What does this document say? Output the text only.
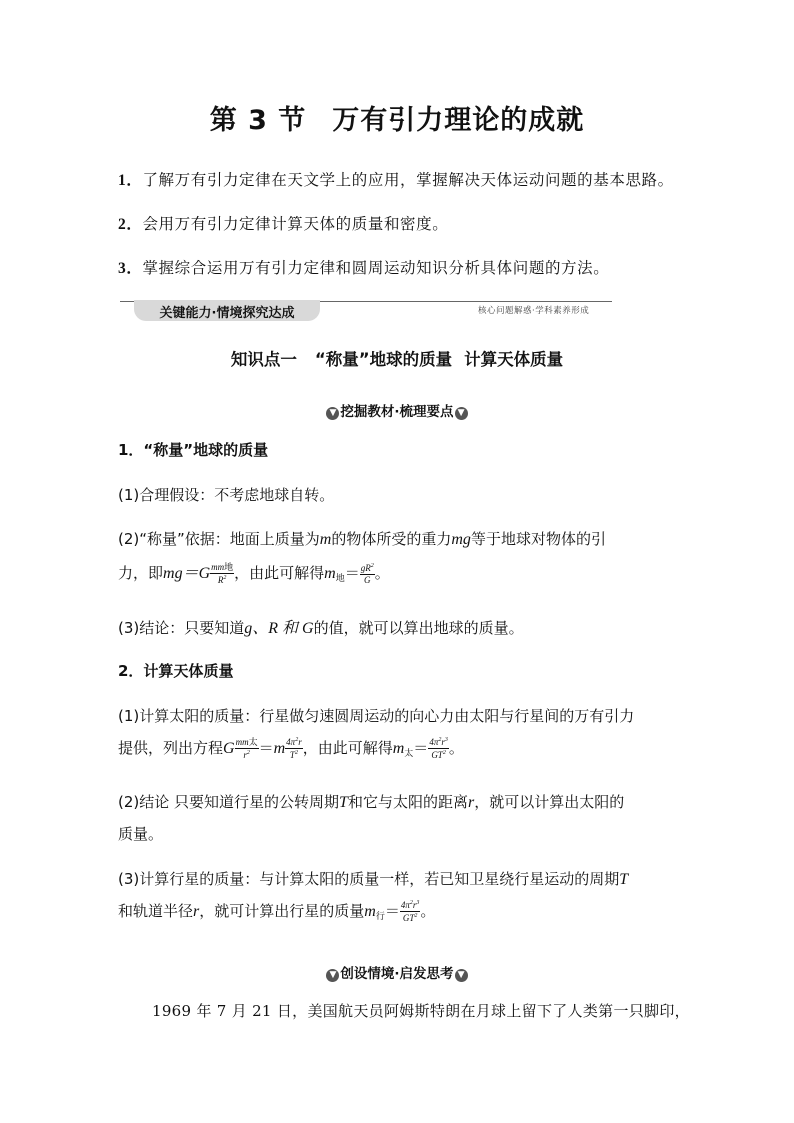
第 3 节 万有引力理论的成就
1．了解万有引力定律在天文学上的应用，掌握解决天体运动问题的基本思路。
2．会用万有引力定律计算天体的质量和密度。
3．掌握综合运用万有引力定律和圆周运动知识分析具体问题的方法。
关键能力·情境探究达成	核心问题解惑·学科素养形成
知识点一 “称量”地球的质量 计算天体质量
▼ 挖掘教材·梳理要点 ▼
1．“称量”地球的质量
(1)合理假设：不考虑地球自转。
(2)“称量”依据：地面上质量为m的物体所受的重力mg等于地球对物体的引
力，即$mg=G \frac{\text{mm地}}{R^2}$ ，由此可解得$m_地= \frac{gR^2}{G}$ 。
(3)结论：只要知道g、R 和 G的值，就可以算出地球的质量。
2．计算天体质量
(1)计算太阳的质量：行星做匀速圆周运动的向心力由太阳与行星间的万有引力
提供，列出方程G $\frac{\text{mm太}}{r^2} =m \frac{4\pi^2r}{T^2}$ ，由此可解得$m_太= \frac{4\pi^2r^3}{GT^2}$ 。
(2)结论 只要知道行星的公转周期T和它与太阳的距离r，就可以计算出太阳的
质量。
(3)计算行星的质量：与计算太阳的质量一样，若已知卫星绕行星运动的周期T
和轨道半径r，就可计算出行星的质量$m_行= \frac{4\pi^2r^3}{GT^2}$ 。
▼ 创设情境·启发思考 ▼
1969 年 7 月 21 日，美国航天员阿姆斯特朗在月球上留下了人类第一只脚印，
